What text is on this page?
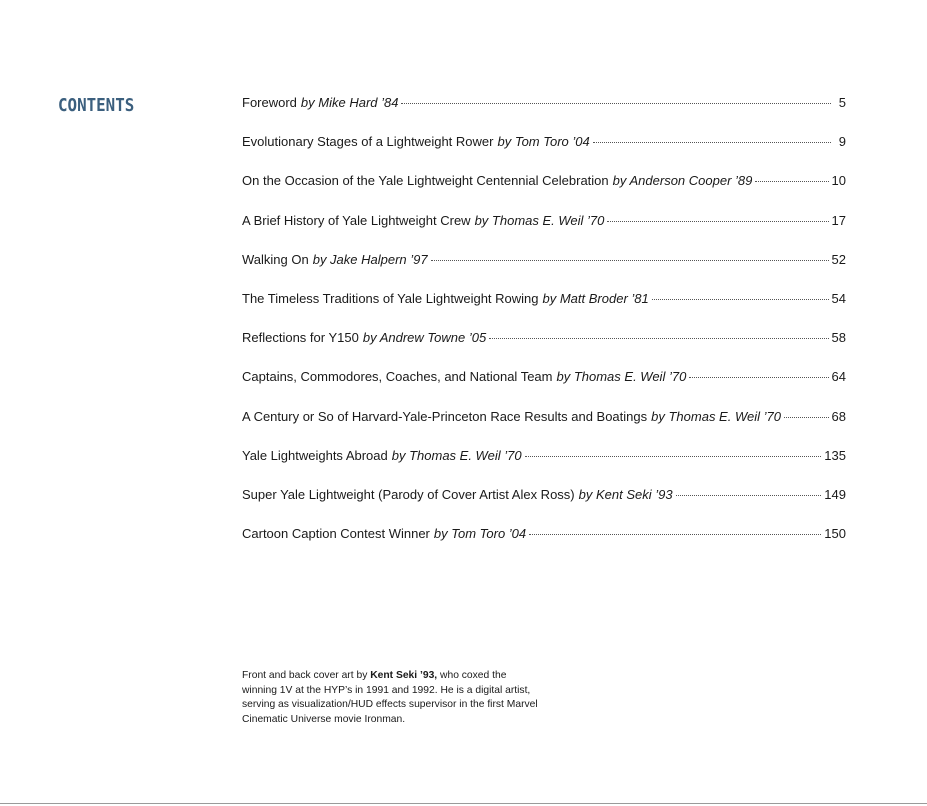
CONTENTS	Foreword by Mike Hard ’84	5
Evolutionary Stages of a Lightweight Rower by Tom Toro ’04	9
On the Occasion of the Yale Lightweight Centennial Celebration by Anderson Cooper ’89	10
A Brief History of Yale Lightweight Crew by Thomas E. Weil ’70	17
Walking On by Jake Halpern ’97	52
The Timeless Traditions of Yale Lightweight Rowing by Matt Broder ’81	54
Reflections for Y150 by Andrew Towne ’05	58
Captains, Commodores, Coaches, and National Team by Thomas E. Weil ’70	64
A Century or So of Harvard-Yale-Princeton Race Results and Boatings by Thomas E. Weil ’70	68
Yale Lightweights Abroad by Thomas E. Weil ’70	135
Super Yale Lightweight (Parody of Cover Artist Alex Ross) by Kent Seki ’93	149
Cartoon Caption Contest Winner by Tom Toro ’04	150
Front and back cover art by Kent Seki ’93, who coxed the winning 1V at the HYP’s in 1991 and 1992. He is a digital artist, serving as visualization/HUD effects supervisor in the first Marvel Cinematic Universe movie Ironman.
